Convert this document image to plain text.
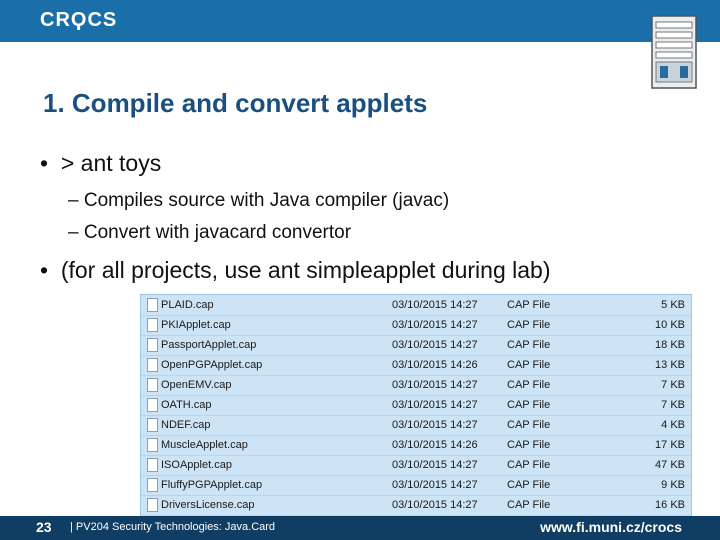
CRϘCS
1. Compile and convert applets
•  > ant toys
– Compiles source with Java compiler (javac)
– Convert with javacard convertor
•  (for all projects, use ant simpleapplet during lab)
PLAID.cap	03/10/2015 14:27	CAP File	5 KB
PKIApplet.cap	03/10/2015 14:27	CAP File	10 KB
PassportApplet.cap	03/10/2015 14:27	CAP File	18 KB
OpenPGPApplet.cap	03/10/2015 14:26	CAP File	13 KB
OpenEMV.cap	03/10/2015 14:27	CAP File	7 KB
OATH.cap	03/10/2015 14:27	CAP File	7 KB
NDEF.cap	03/10/2015 14:27	CAP File	4 KB
MuscleApplet.cap	03/10/2015 14:26	CAP File	17 KB
ISOApplet.cap	03/10/2015 14:27	CAP File	47 KB
FluffyPGPApplet.cap	03/10/2015 14:27	CAP File	9 KB
DriversLicense.cap	03/10/2015 14:27	CAP File	16 KB
23 | PV204 Security Technologies: Java.Card	www.fi.muni.cz/crocs
